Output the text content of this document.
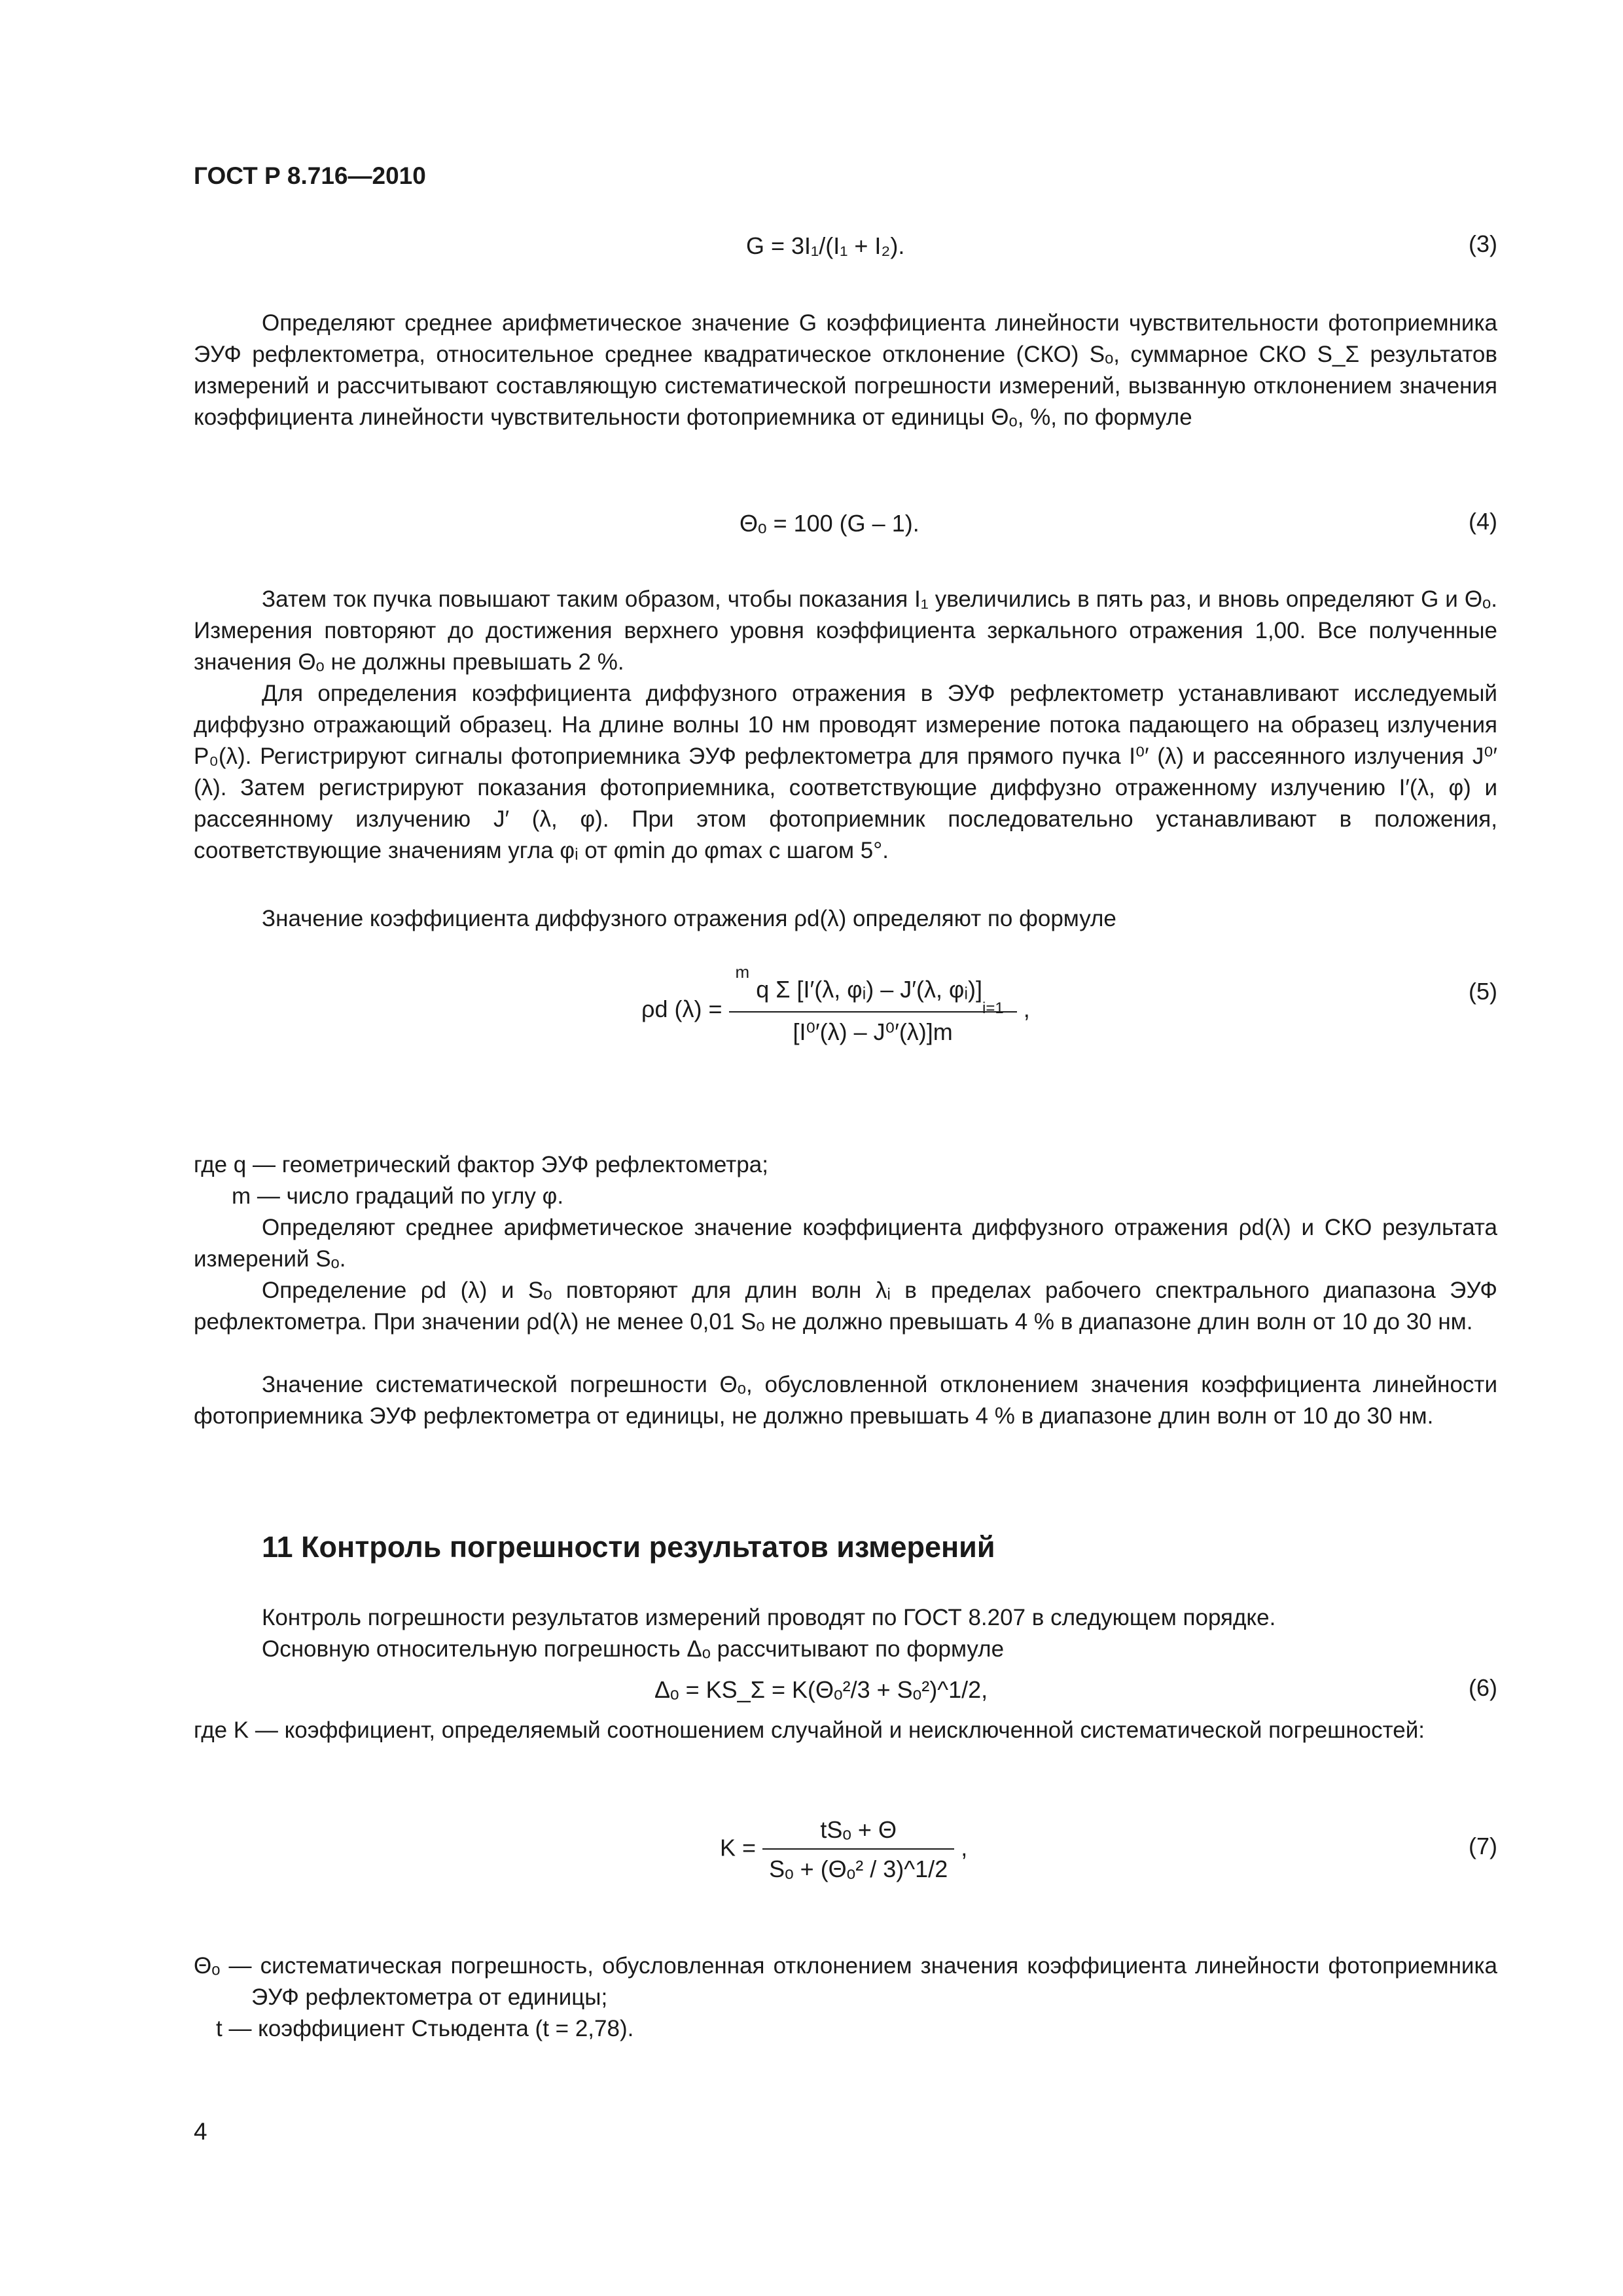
ГОСТ Р 8.716—2010
G = 3I₁/(I₁ + I₂).	(3)
Определяют среднее арифметическое значение G коэффициента линейности чувствительности фотоприемника ЭУФ рефлектометра, относительное среднее квадратическое отклонение (СКО) Sₒ, суммарное СКО S_Σ результатов измерений и рассчитывают составляющую систематической погрешности измерений, вызванную отклонением значения коэффициента линейности чувствительности фотоприемника от единицы Θₒ, %, по формуле
Θₒ = 100 (G – 1).	(4)
Затем ток пучка повышают таким образом, чтобы показания I₁ увеличились в пять раз, и вновь определяют G и Θₒ. Измерения повторяют до достижения верхнего уровня коэффициента зеркального отражения 1,00. Все полученные значения Θₒ не должны превышать 2 %.
Для определения коэффициента диффузного отражения в ЭУФ рефлектометр устанавливают исследуемый диффузно отражающий образец. На длине волны 10 нм проводят измерение потока падающего на образец излучения P₀(λ). Регистрируют сигналы фотоприемника ЭУФ рефлектометра для прямого пучка I⁰′ (λ) и рассеянного излучения J⁰′ (λ). Затем регистрируют показания фотоприемника, соответствующие диффузно отраженному излучению I′(λ, φ) и рассеянному излучению J′ (λ, φ). При этом фотоприемник последовательно устанавливают в положения, соответствующие значениям угла φᵢ от φmin до φmax с шагом 5°.
Значение коэффициента диффузного отражения ρd(λ) определяют по формуле
ρd $(\lambda) = \frac{^m q \Sigma [I'(\lambda, \varphi ᵢ) - J'(\lambda, \varphi ᵢ)] _{i=1}}{\text{[I⁰′(λ) – J⁰′(λ)]m}}$ ,
(5)
где q — геометрический фактор ЭУФ рефлектометра;
m — число градаций по углу φ.
Определяют среднее арифметическое значение коэффициента диффузного отражения ρd(λ) и СКО результата измерений Sₒ.
Определение ρd (λ) и Sₒ повторяют для длин волн λᵢ в пределах рабочего спектрального диапазона ЭУФ рефлектометра. При значении ρd(λ) не менее 0,01 Sₒ не должно превышать 4 % в диапазоне длин волн от 10 до 30 нм.
Значение систематической погрешности Θₒ, обусловленной отклонением значения коэффициента линейности фотоприемника ЭУФ рефлектометра от единицы, не должно превышать 4 % в диапазоне длин волн от 10 до 30 нм.
11 Контроль погрешности результатов измерений
Контроль погрешности результатов измерений проводят по ГОСТ 8.207 в следующем порядке.
Основную относительную погрешность Δₒ рассчитывают по формуле
Δₒ = KS_Σ = K(Θₒ²/3 + Sₒ²)^1/2,	(6)
где K — коэффициент, определяемый соотношением случайной и неисключенной систематической погрешностей:
$K = \frac{\text{tSₒ + Θ}}{\text{Sₒ + (Θₒ² / 3)\textasciicircum{}1/2}}$ ,	(7)
Θₒ — систематическая погрешность, обусловленная отклонением значения коэффициента линейности фотоприемника ЭУФ рефлектометра от единицы;
t — коэффициент Стьюдента (t = 2,78).
4
